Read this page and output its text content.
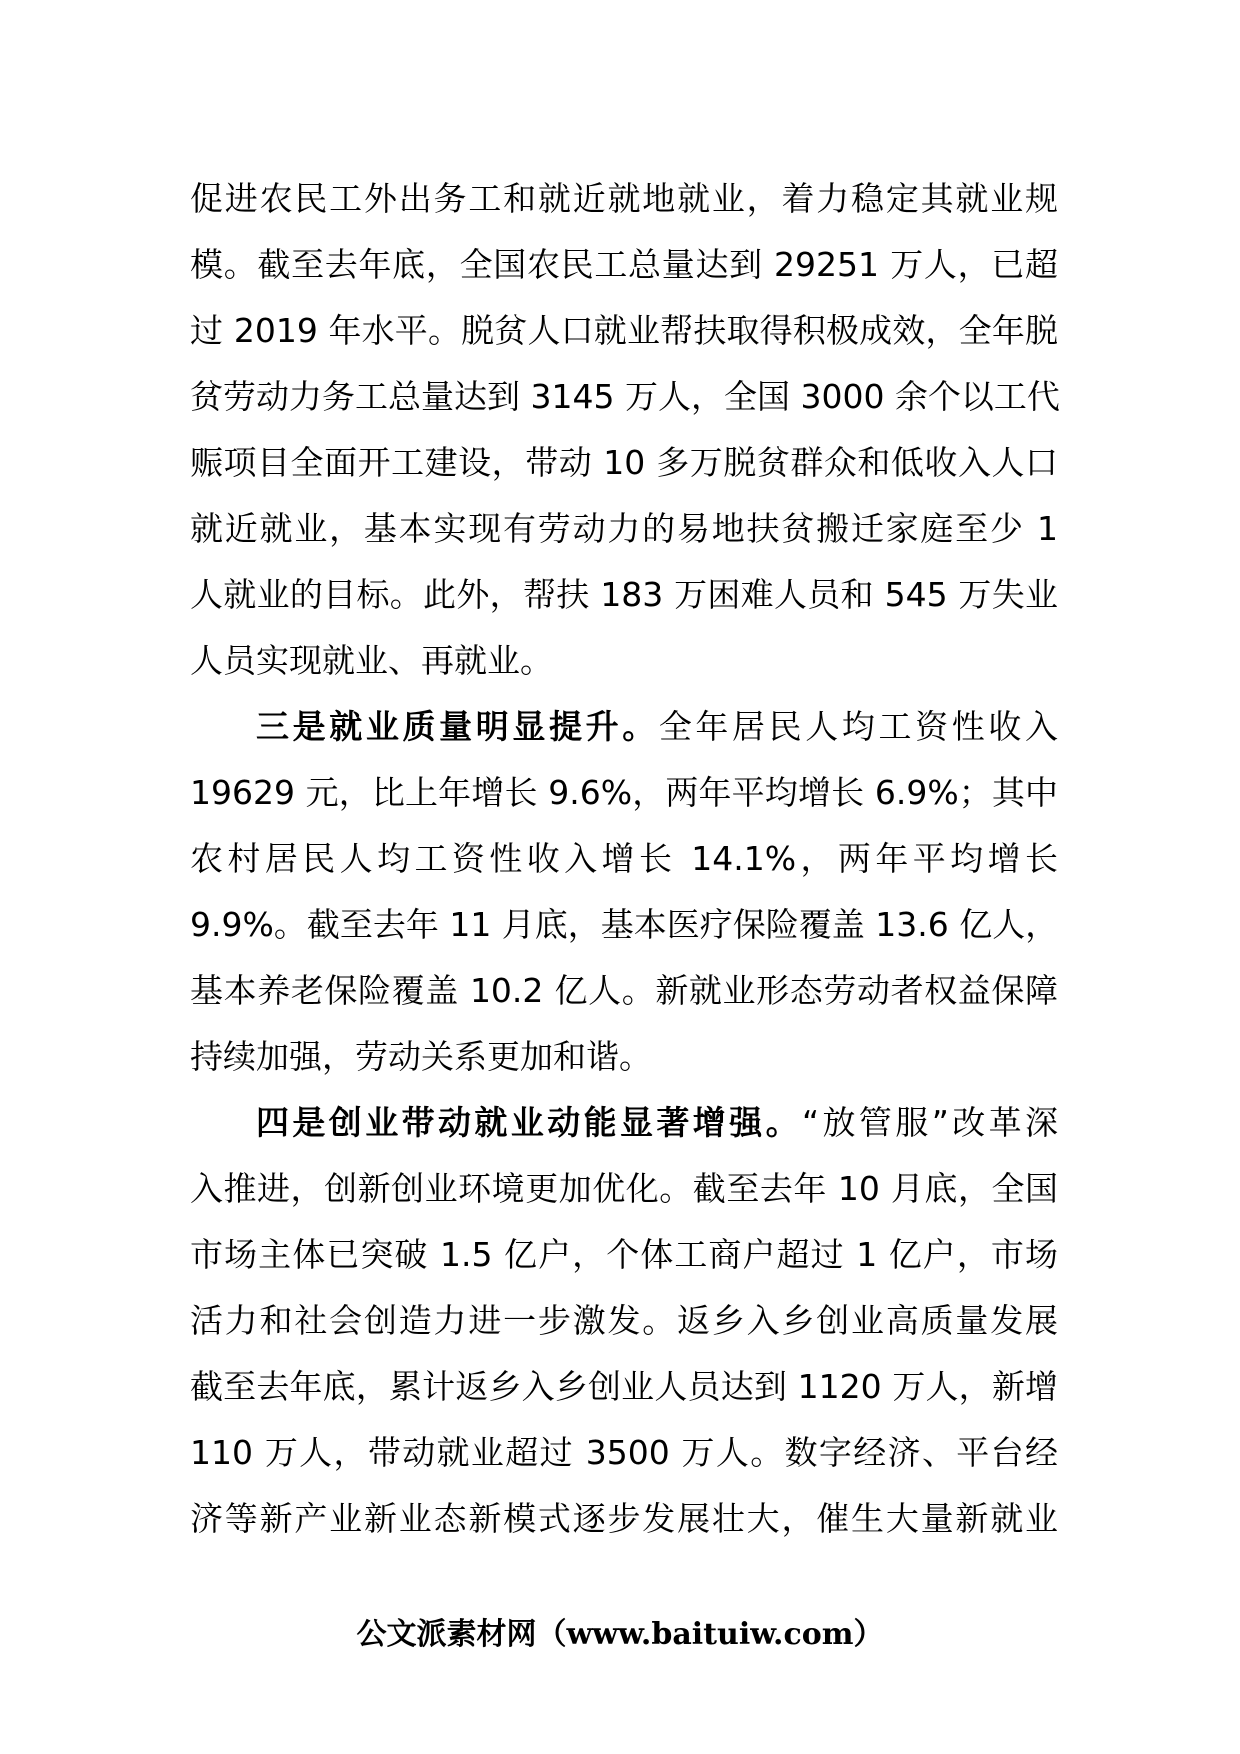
促进农民工外出务工和就近就地就业，着力稳定其就业规
模。截至去年底，全国农民工总量达到 29251 万人，已超
过 2019 年水平。脱贫人口就业帮扶取得积极成效，全年脱
贫劳动力务工总量达到 3145 万人，全国 3000 余个以工代
赈项目全面开工建设，带动 10 多万脱贫群众和低收入人口
就近就业，基本实现有劳动力的易地扶贫搬迁家庭至少 1
人就业的目标。此外，帮扶 183 万困难人员和 545 万失业
人员实现就业、再就业。
三是就业质量明显提升。全年居民人均工资性收入
19629 元，比上年增长 9.6%，两年平均增长 6.9%；其中
农村居民人均工资性收入增长 14.1%，两年平均增长
9.9%。截至去年 11 月底，基本医疗保险覆盖 13.6 亿人，
基本养老保险覆盖 10.2 亿人。新就业形态劳动者权益保障
持续加强，劳动关系更加和谐。
四是创业带动就业动能显著增强。“放管服”改革深
入推进，创新创业环境更加优化。截至去年 10 月底，全国
市场主体已突破 1.5 亿户，个体工商户超过 1 亿户，市场
活力和社会创造力进一步激发。返乡入乡创业高质量发展
截至去年底，累计返乡入乡创业人员达到 1120 万人，新增
110 万人，带动就业超过 3500 万人。数字经济、平台经
济等新产业新业态新模式逐步发展壮大，催生大量新就业
公文派素材网（www.baituiw.com）
